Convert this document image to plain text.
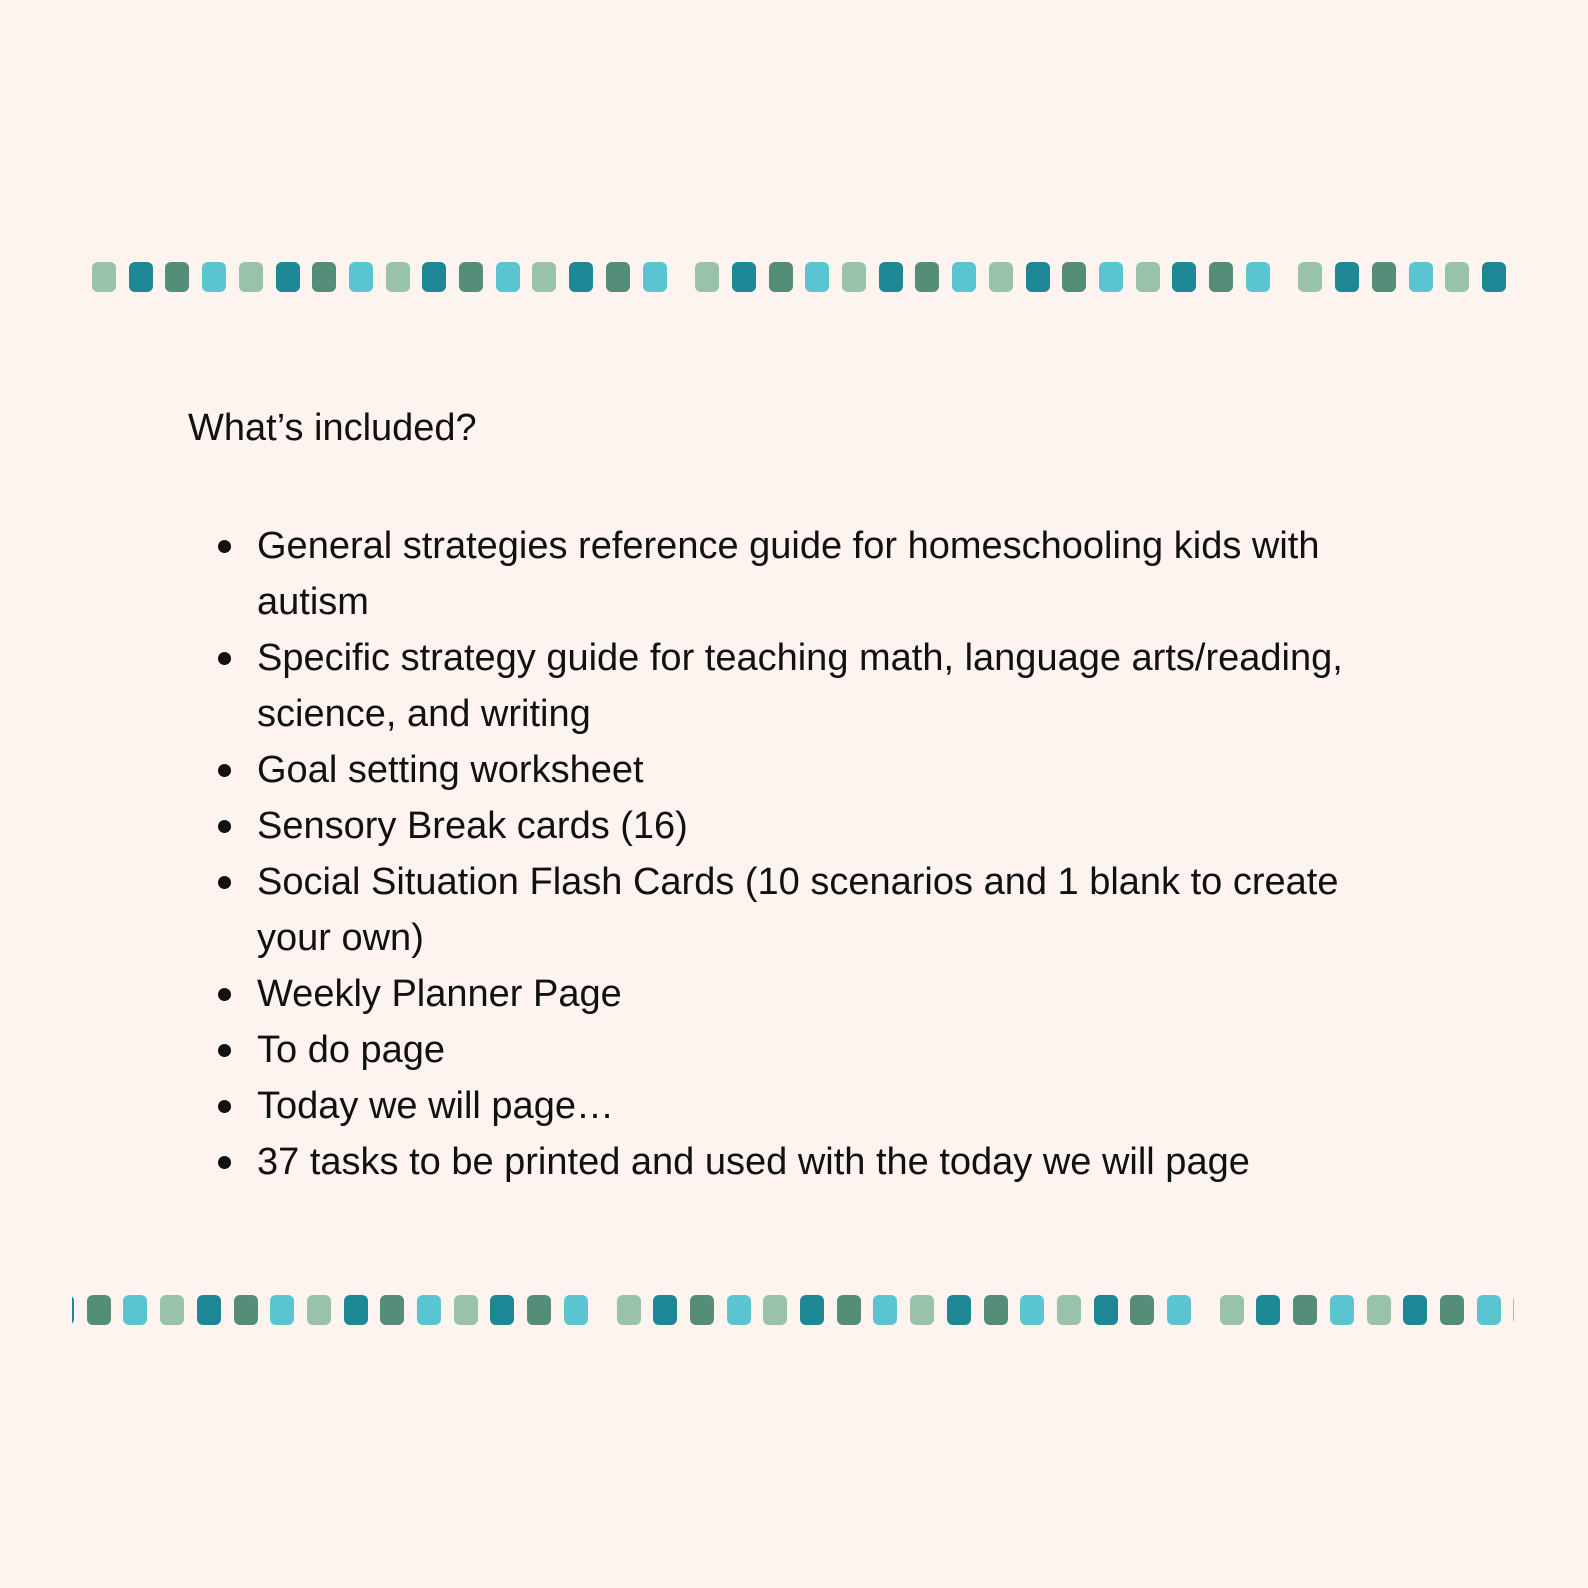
What’s included?
General strategies reference guide for homeschooling kids with autism
Specific strategy guide for teaching math, language arts/reading, science, and writing
Goal setting worksheet
Sensory Break cards (16)
Social Situation Flash Cards (10 scenarios and 1 blank to create your own)
Weekly Planner Page
To do page
Today we will page…
37 tasks to be printed and used with the today we will page
